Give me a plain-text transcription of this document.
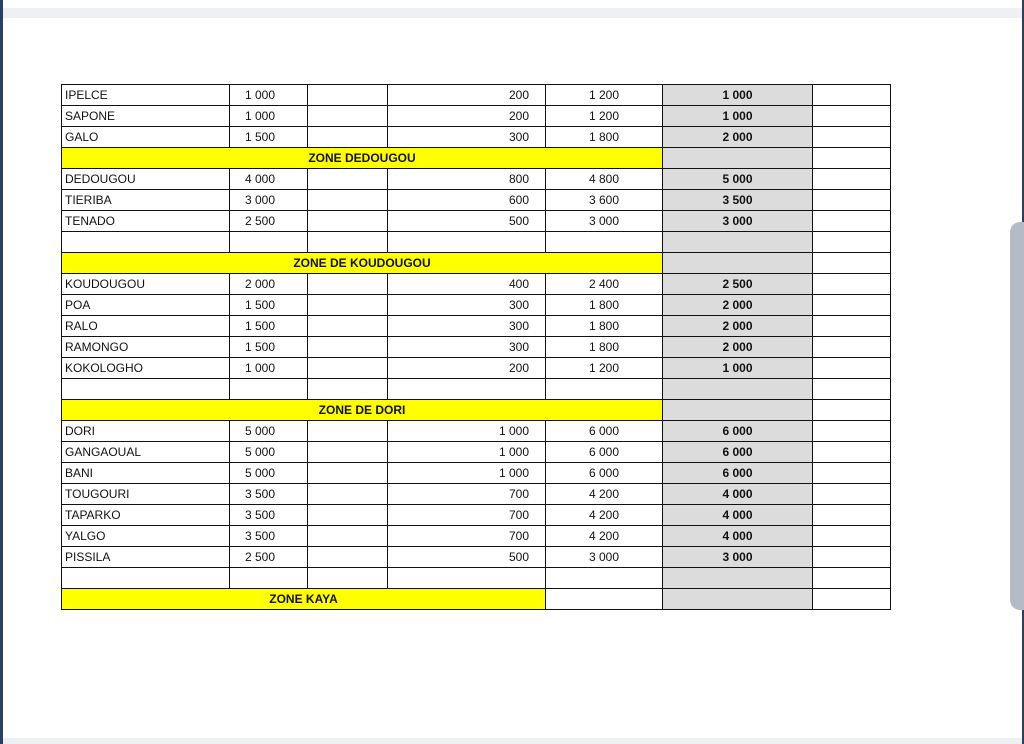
IPELCE	1 000		200	1 200	1 000	
SAPONE	1 000		200	1 200	1 000	
GALO	1 500		300	1 800	2 000	
ZONE DEDOUGOU						
DEDOUGOU	4 000		800	4 800	5 000	
TIERIBA	3 000		600	3 600	3 500	
TENADO	2 500		500	3 000	3 000	

ZONE DE KOUDOUGOU						
KOUDOUGOU	2 000		400	2 400	2 500	
POA	1 500		300	1 800	2 000	
RALO	1 500		300	1 800	2 000	
RAMONGO	1 500		300	1 800	2 000	
KOKOLOGHO	1 000		200	1 200	1 000	

ZONE DE DORI						
DORI	5 000		1 000	6 000	6 000	
GANGAOUAL	5 000		1 000	6 000	6 000	
BANI	5 000		1 000	6 000	6 000	
TOUGOURI	3 500		700	4 200	4 000	
TAPARKO	3 500		700	4 200	4 000	
YALGO	3 500		700	4 200	4 000	
PISSILA	2 500		500	3 000	3 000	

ZONE KAYA						
